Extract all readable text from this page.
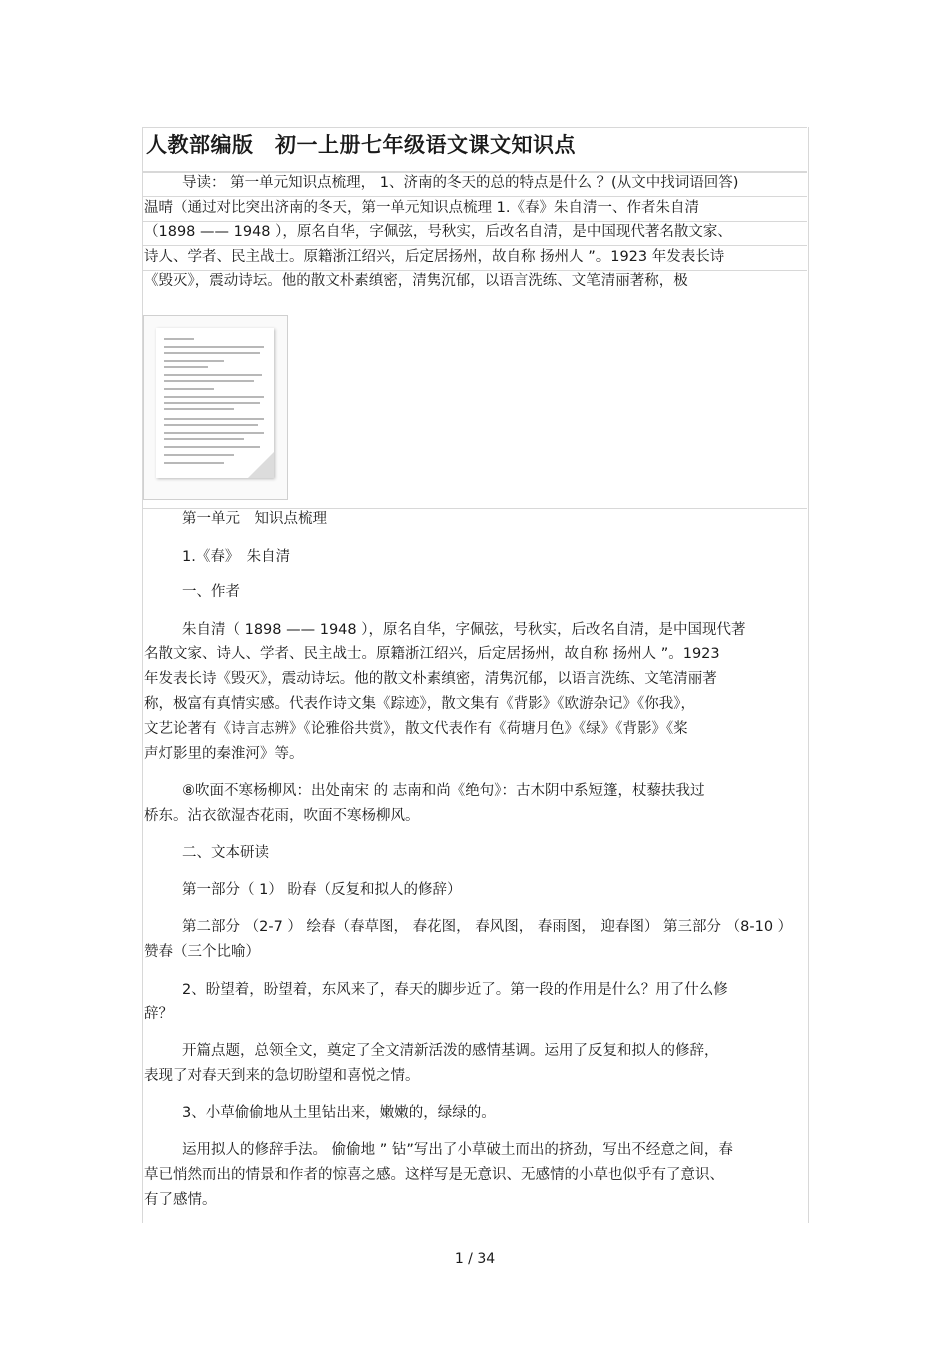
人教部编版　初一上册七年级语文课文知识点
导读： 第一单元知识点梳理， 1、济南的冬天的总的特点是什么 ？(从文中找词语回答)
温晴（通过对比突出济南的冬天，第一单元知识点梳理 1.《春》朱自清一、作者朱自清
（1898 —— 1948 ），原名自华，字佩弦，号秋实，后改名自清，是中国现代著名散文家、
诗人、学者、民主战士。原籍浙江绍兴，后定居扬州，故自称 扬州人 ”。1923 年发表长诗
《毁灭》，震动诗坛。他的散文朴素缜密，清隽沉郁，以语言洗练、文笔清丽著称，极
第一单元　知识点梳理
1.《春》　朱自清
一、作者
朱自清（ 1898 —— 1948 ），原名自华，字佩弦，号秋实，后改名自清，是中国现代著
名散文家、诗人、学者、民主战士。原籍浙江绍兴，后定居扬州，故自称 扬州人 ”。1923
年发表长诗《毁灭》，震动诗坛。他的散文朴素缜密，清隽沉郁，以语言洗练、文笔清丽著
称，极富有真情实感。代表作诗文集《踪迹》，散文集有《背影》《欧游杂记》《你我》，
文艺论著有《诗言志辨》《论雅俗共赏》，散文代表作有《荷塘月色》《绿》《背影》《桨
声灯影里的秦淮河》等。
⑧吹面不寒杨柳风：出处南宋 的 志南和尚《绝句》：古木阴中系短篷，杖藜扶我过
桥东。沾衣欲湿杏花雨，吹面不寒杨柳风。
二、文本研读
第一部分（ 1） 盼春（反复和拟人的修辞）
第二部分 （2-7 ） 绘春（春草图， 春花图， 春风图， 春雨图， 迎春图） 第三部分 （8-10 ）
赞春（三个比喻）
2、盼望着，盼望着，东风来了，春天的脚步近了。第一段的作用是什么？用了什么修
辞？
开篇点题，总领全文，奠定了全文清新活泼的感情基调。运用了反复和拟人的修辞，
表现了对春天到来的急切盼望和喜悦之情。
3、小草偷偷地从土里钻出来，嫩嫩的，绿绿的。
运用拟人的修辞手法。 偷偷地 ” 钻”写出了小草破土而出的挤劲，写出不经意之间，春
草已悄然而出的情景和作者的惊喜之感。这样写是无意识、无感情的小草也似乎有了意识、
有了感情。
1 / 34
